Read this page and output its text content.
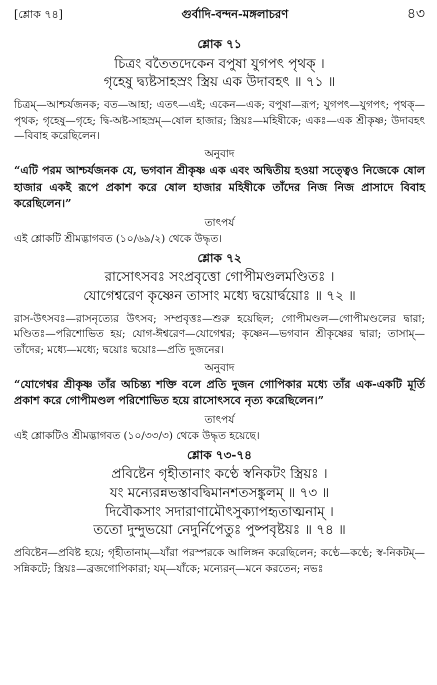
[শ্লোক ৭৪]	গুর্বাদি-বন্দন-মঙ্গলাচরণ	৪৩
শ্লোক ৭১
চিত্রং বতৈতদেকেন বপুষা যুগপৎ পৃথক্ ।
গৃহেষু দ্ব্যষ্টসাহস্রং স্ত্রিয় এক উদাবহৎ ॥ ৭১ ॥

চিত্রম্—আশ্চর্যজনক; বত—আহা; এতৎ—এই; একেন—এক; বপুষা—রূপ; যুগপৎ—যুগপৎ; পৃথক্—পৃথক; গৃহেষু—গৃহে; দ্বি-অষ্ট-সাহস্রম্—ষোল হাজার; স্ত্রিয়ঃ—মহিষীকে; একঃ—এক শ্রীকৃষ্ণ; উদাবহৎ—বিবাহ করেছিলেন।

অনুবাদ

“এটি পরম আশ্চর্যজনক যে, ভগবান শ্রীকৃষ্ণ এক এবং অদ্বিতীয় হওয়া সত্ত্বেও নিজেকে ষোল হাজার একই রূপে প্রকাশ করে ষোল হাজার মহিষীকে তাঁদের নিজ নিজ প্রাসাদে বিবাহ করেছিলেন।”

তাৎপর্য

এই শ্লোকটি শ্রীমদ্ভাগবত (১০/৬৯/২) থেকে উদ্ধৃত।

শ্লোক ৭২
রাসোৎসবঃ সংপ্রবৃত্তো গোপীমণ্ডলমণ্ডিতঃ ।
যোগেশ্বরেণ কৃষ্ণেন তাসাং মধ্যে দ্বয়োর্দ্বয়োঃ ॥ ৭২ ॥

রাস-উৎসবঃ—রাসনৃত্যের উৎসব; সম্প্রবৃত্তঃ—শুরু হয়েছিল; গোপীমণ্ডল—গোপীমণ্ডলের দ্বারা; মণ্ডিতঃ—পরিশোভিত হয়; যোগ-ঈশ্বরেণ—যোগেশ্বর; কৃষ্ণেন—ভগবান শ্রীকৃষ্ণের দ্বারা; তাসাম্—তাঁদের; মধ্যে—মধ্যে; দ্বয়োঃ দ্বয়োঃ—প্রতি দুজনের।

অনুবাদ

“যোগেশ্বর শ্রীকৃষ্ণ তাঁর অচিন্ত্য শক্তি বলে প্রতি দুজন গোপিকার মধ্যে তাঁর এক-একটি মূর্তি প্রকাশ করে গোপীমণ্ডল পরিশোভিত হয়ে রাসোৎসবে নৃত্য করেছিলেন।”

তাৎপর্য

এই শ্লোকটিও শ্রীমদ্ভাগবত (১০/৩৩/৩) থেকে উদ্ধৃত হয়েছে।

শ্লোক ৭৩-৭৪
প্রবিষ্টেন গৃহীতানাং কণ্ঠে স্বনিকটং স্ত্রিয়ঃ ।
যং মন্যেরন্নভস্তাবদ্বিমানশতসঙ্কুলম্ ॥ ৭৩ ॥
দিবৌকসাং সদারাণামৌৎসুক্যাপহৃতাত্মনাম্ ।
ততো দুন্দুভয়ো নেদুর্নিপেতুঃ পুষ্পবৃষ্টয়ঃ ॥ ৭৪ ॥

প্রবিষ্টেন—প্রবিষ্ট হয়ে; গৃহীতানাম্—যাঁরা পরস্পরকে আলিঙ্গন করেছিলেন; কণ্ঠে—কণ্ঠে; স্ব-নিকটম্—সন্নিকটে; স্ত্রিয়ঃ—ব্রজগোপিকারা; যম্—যাঁকে; মন্যেরন্—মনে করতেন; নভঃ
